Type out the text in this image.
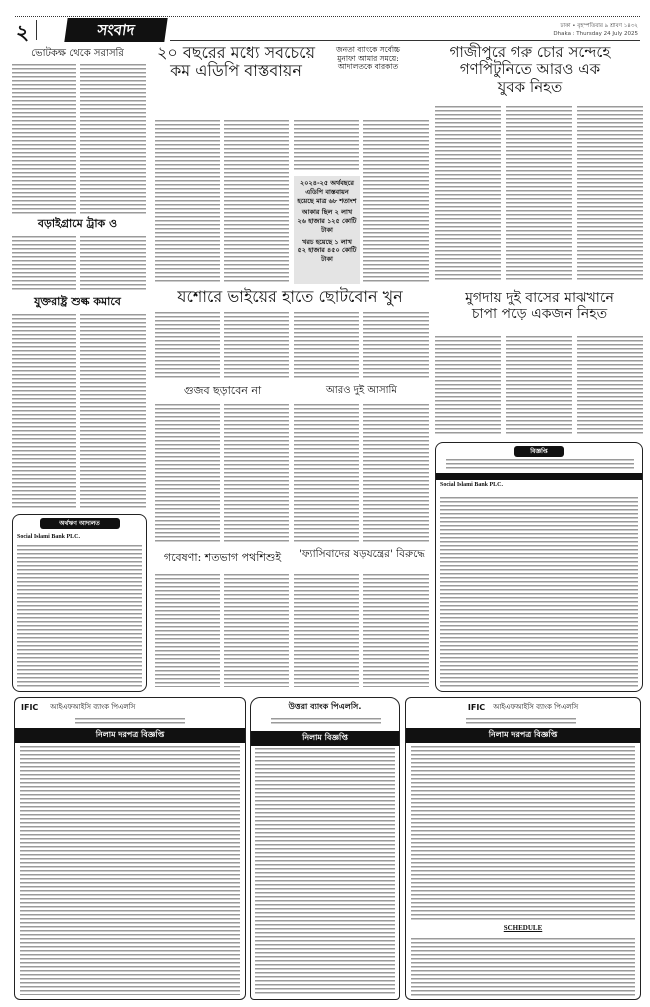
২	সংবাদ	ঢাকা • বৃহস্পতিবার ৯ শ্রাবণ ১৪৩২
Dhaka : Thursday 24 July 2025
ভোটকক্ষ থেকে সরাসরি
বড়াইগ্রামে ট্রাক ও
যুক্তরাষ্ট্র শুল্ক কমাবে
অর্থঋণ আদালত
Social Islami Bank PLC.
২০ বছরের মধ্যে সবচেয়ে
কম এডিপি বাস্তবায়ন
২০২৪-২৫ অর্থবছরে এডিপি বাস্তবায়ন হয়েছে মাত্র ৬৮ শতাংশ
আকার ছিল ২ লাখ ২৬ হাজার ১২৫ কোটি টাকা
খরচ হয়েছে ১ লাখ ৫২ হাজার ৪৫০ কোটি টাকা
জনতা ব্যাংকে সর্বোচ্চ মুনাফা আমার সময়ে: আদালতকে বারকাত
গাজীপুরে গরু চোর সন্দেহে
গণপিটুনিতে আরও এক
যুবক নিহত
যশোরে ভাইয়ের হাতে ছোটবোন খুন
গুজব ছড়াবেন না	আরও দুই আসামি
মুগদায় দুই বাসের মাঝখানে
চাপা পড়ে একজন নিহত
বিজ্ঞপ্তি
Social Islami Bank PLC.
গবেষণা: শতভাগ পথশিশুই	'ফ্যাসিবাদের ষড়যন্ত্রের' বিরুদ্ধে
IFIC আইএফআইসি ব্যাংক পিএলসি
নিলাম দরপত্র বিজ্ঞপ্তি
উত্তরা ব্যাংক পিএলসি.
নিলাম বিজ্ঞপ্তি
IFIC আইএফআইসি ব্যাংক পিএলসি
নিলাম দরপত্র বিজ্ঞপ্তি
SCHEDULE
